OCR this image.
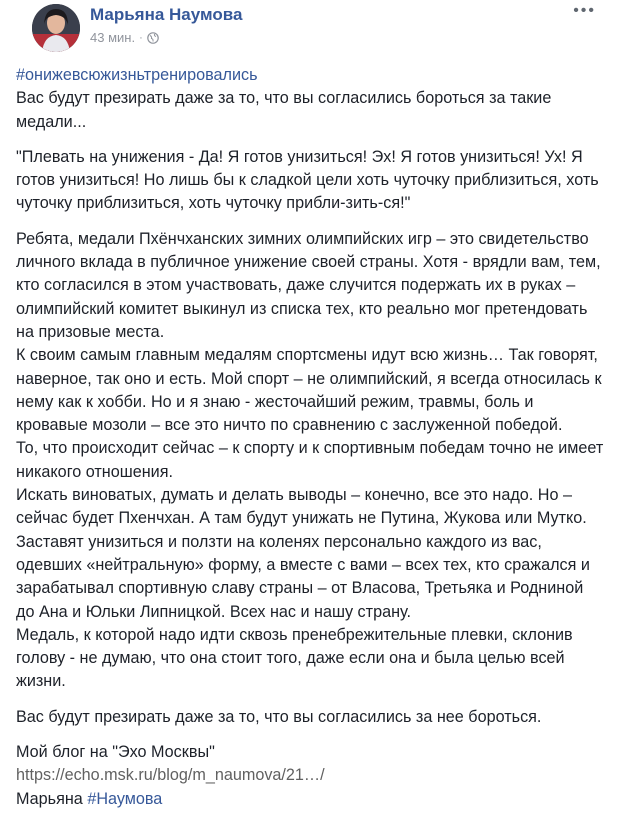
Марьяна Наумова
43 мин. ·
•••

#онижевсюжизньтренировались

Вас будут презирать даже за то, что вы согласились бороться за такие медали...

"Плевать на унижения - Да! Я готов унизиться! Эх! Я готов унизиться! Ух! Я готов унизиться! Но лишь бы к сладкой цели хоть чуточку приблизиться, хоть чуточку приблизиться, хоть чуточку прибли-зить-ся!"

Ребята, медали Пхёнчханских зимних олимпийских игр – это свидетельство личного вклада в публичное унижение своей страны. Хотя - врядли вам, тем, кто согласился в этом участвовать, даже случится подержать их в руках – олимпийский комитет выкинул из списка тех, кто реально мог претендовать на призовые места.

К своим самым главным медалям спортсмены идут всю жизнь… Так говорят, наверное, так оно и есть. Мой спорт – не олимпийский, я всегда относилась к нему как к хобби. Но и я знаю - жесточайший режим, травмы, боль и кровавые мозоли – все это ничто по сравнению с заслуженной победой.

То, что происходит сейчас – к спорту и к спортивным победам точно не имеет никакого отношения.

Искать виноватых, думать и делать выводы – конечно, все это надо. Но – сейчас будет Пхенчхан. А там будут унижать не Путина, Жукова или Мутко.

Заставят унизиться и ползти на коленях персонально каждого из вас, одевших «нейтральную» форму, а вместе с вами – всех тех, кто сражался и зарабатывал спортивную славу страны – от Власова, Третьяка и Родниной до Ана и Юльки Липницкой. Всех нас и нашу страну.

Медаль, к которой надо идти сквозь пренебрежительные плевки, склонив голову - не думаю, что она стоит того, даже если она и была целью всей жизни.

Вас будут презирать даже за то, что вы согласились за нее бороться.

Мой блог на "Эхо Москвы"

https://echo.msk.ru/blog/m_naumova/21…/

Марьяна #Наумова
